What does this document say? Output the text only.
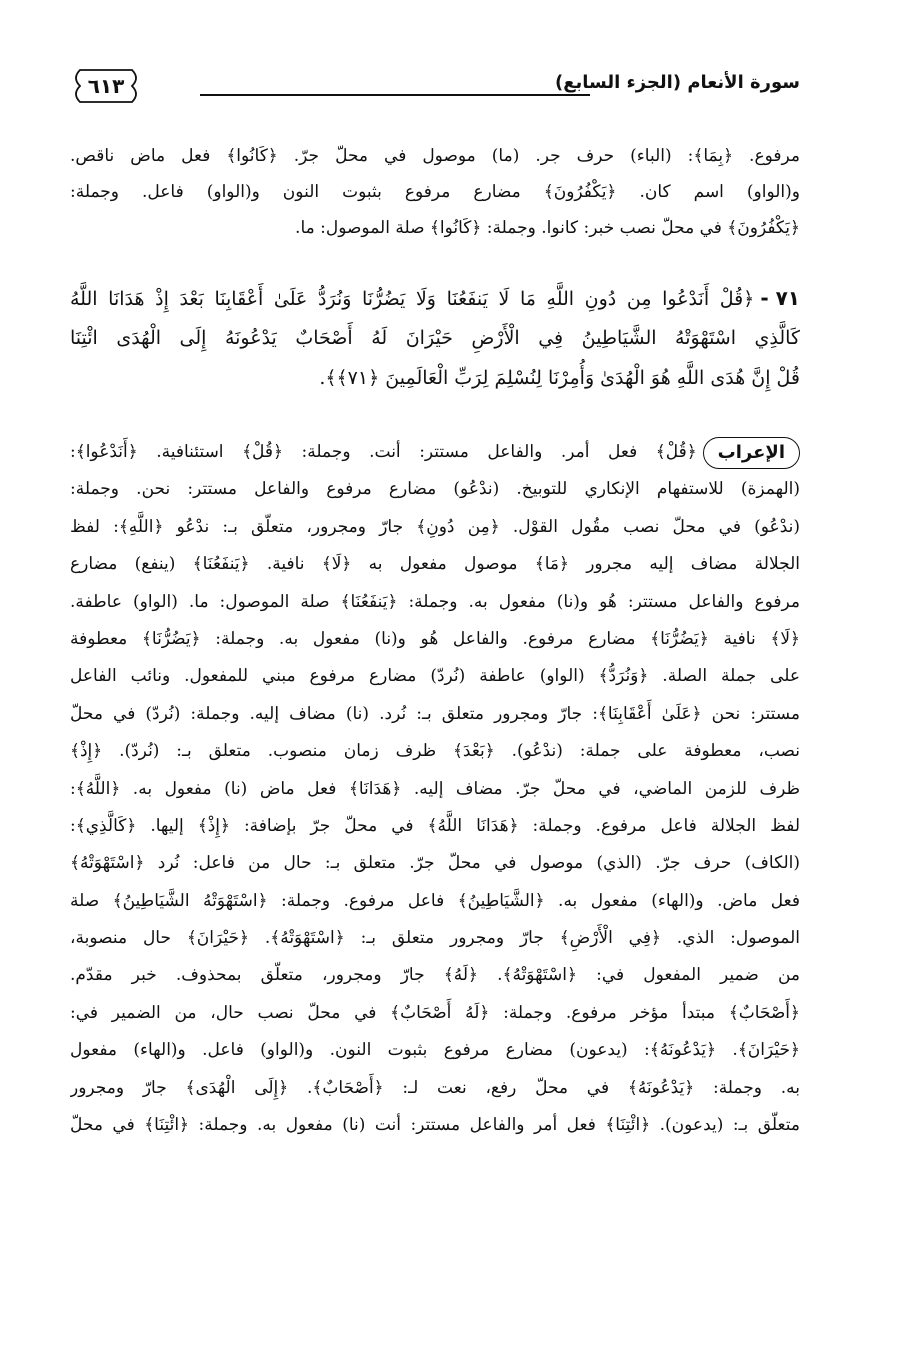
سورة الأنعام (الجزء السابع)
٦١٣
مرفوع. ﴿بِمَا﴾: (الباء) حرف جر. (ما) موصول في محلّ جرّ. ﴿كَانُوا﴾ فعل ماض ناقص.
و(الواو) اسم كان. ﴿يَكْفُرُونَ﴾ مضارع مرفوع بثبوت النون و(الواو) فاعل. وجملة:
﴿يَكْفُرُونَ﴾ في محلّ نصب خبر: كانوا. وجملة: ﴿كَانُوا﴾ صلة الموصول: ما.
٧١ -﴿قُلْ أَنَدْعُوا مِن دُونِ اللَّهِ مَا لَا يَنفَعُنَا وَلَا يَضُرُّنَا وَنُرَدُّ عَلَىٰ أَعْقَابِنَا بَعْدَ إِذْ هَدَانَا اللَّهُ
كَالَّذِي اسْتَهْوَتْهُ الشَّيَاطِينُ فِي الْأَرْضِ حَيْرَانَ لَهُ أَصْحَابٌ يَدْعُونَهُ إِلَى الْهُدَى ائْتِنَا
قُلْ إِنَّ هُدَى اللَّهِ هُوَ الْهُدَىٰ وَأُمِرْنَا لِنُسْلِمَ لِرَبِّ الْعَالَمِينَ ﴿٧١﴾﴾.
الإعراب﴿قُلْ﴾ فعل أمر. والفاعل مستتر: أنت. وجملة: ﴿قُلْ﴾ استئنافية. ﴿أَنَدْعُوا﴾:
(الهمزة) للاستفهام الإنكاري للتوبيخ. (ندْعُو) مضارع مرفوع والفاعل مستتر: نحن. وجملة:
(ندْعُو) في محلّ نصب مقُول القوْل. ﴿مِن دُونِ﴾ جارّ ومجرور، متعلّق بـ: ندْعُو ﴿اللَّهِ﴾: لفظ
الجلالة مضاف إليه مجرور ﴿مَا﴾ موصول مفعول به ﴿لَا﴾ نافية. ﴿يَنفَعُنَا﴾ (ينفع) مضارع
مرفوع والفاعل مستتر: هُو و(نا) مفعول به. وجملة: ﴿يَنفَعُنَا﴾ صلة الموصول: ما. (الواو) عاطفة.
﴿لَا﴾ نافية ﴿يَضُرُّنَا﴾ مضارع مرفوع. والفاعل هُو و(نا) مفعول به. وجملة: ﴿يَضُرُّنَا﴾ معطوفة
على جملة الصلة. ﴿وَنُرَدُّ﴾ (الواو) عاطفة (نُردّ) مضارع مرفوع مبني للمفعول. ونائب الفاعل
مستتر: نحن ﴿عَلَىٰ أَعْقَابِنَا﴾: جارّ ومجرور متعلق بـ: نُرد. (نا) مضاف إليه. وجملة: (نُردّ) في محلّ
نصب، معطوفة على جملة: (ندْعُو). ﴿بَعْدَ﴾ ظرف زمان منصوب. متعلق بـ: (نُردّ). ﴿إِذْ﴾
ظرف للزمن الماضي، في محلّ جرّ. مضاف إليه. ﴿هَدَانَا﴾ فعل ماض (نا) مفعول به. ﴿اللَّهُ﴾:
لفظ الجلالة فاعل مرفوع. وجملة: ﴿هَدَانَا اللَّهُ﴾ في محلّ جرّ بإضافة: ﴿إِذْ﴾ إليها. ﴿كَالَّذِي﴾:
(الكاف) حرف جرّ. (الذي) موصول في محلّ جرّ. متعلق بـ: حال من فاعل: نُرد ﴿اسْتَهْوَتْهُ﴾
فعل ماض. و(الهاء) مفعول به. ﴿الشَّيَاطِينُ﴾ فاعل مرفوع. وجملة: ﴿اسْتَهْوَتْهُ الشَّيَاطِينُ﴾ صلة
الموصول: الذي. ﴿فِي الْأَرْضِ﴾ جارّ ومجرور متعلق بـ: ﴿اسْتَهْوَتْهُ﴾. ﴿حَيْرَانَ﴾ حال منصوبة،
من ضمير المفعول في: ﴿اسْتَهْوَتْهُ﴾. ﴿لَهُ﴾ جارّ ومجرور، متعلّق بمحذوف. خبر مقدّم.
﴿أَصْحَابٌ﴾ مبتدأ مؤخر مرفوع. وجملة: ﴿لَهُ أَصْحَابٌ﴾ في محلّ نصب حال، من الضمير في:
﴿حَيْرَانَ﴾. ﴿يَدْعُونَهُ﴾: (يدعون) مضارع مرفوع بثبوت النون. و(الواو) فاعل. و(الهاء) مفعول
به. وجملة: ﴿يَدْعُونَهُ﴾ في محلّ رفع، نعت لـ: ﴿أَصْحَابٌ﴾. ﴿إِلَى الْهُدَى﴾ جارّ ومجرور
متعلّق بـ: (يدعون). ﴿ائْتِنَا﴾ فعل أمر والفاعل مستتر: أنت (نا) مفعول به. وجملة: ﴿ائْتِنَا﴾ في محلّ
